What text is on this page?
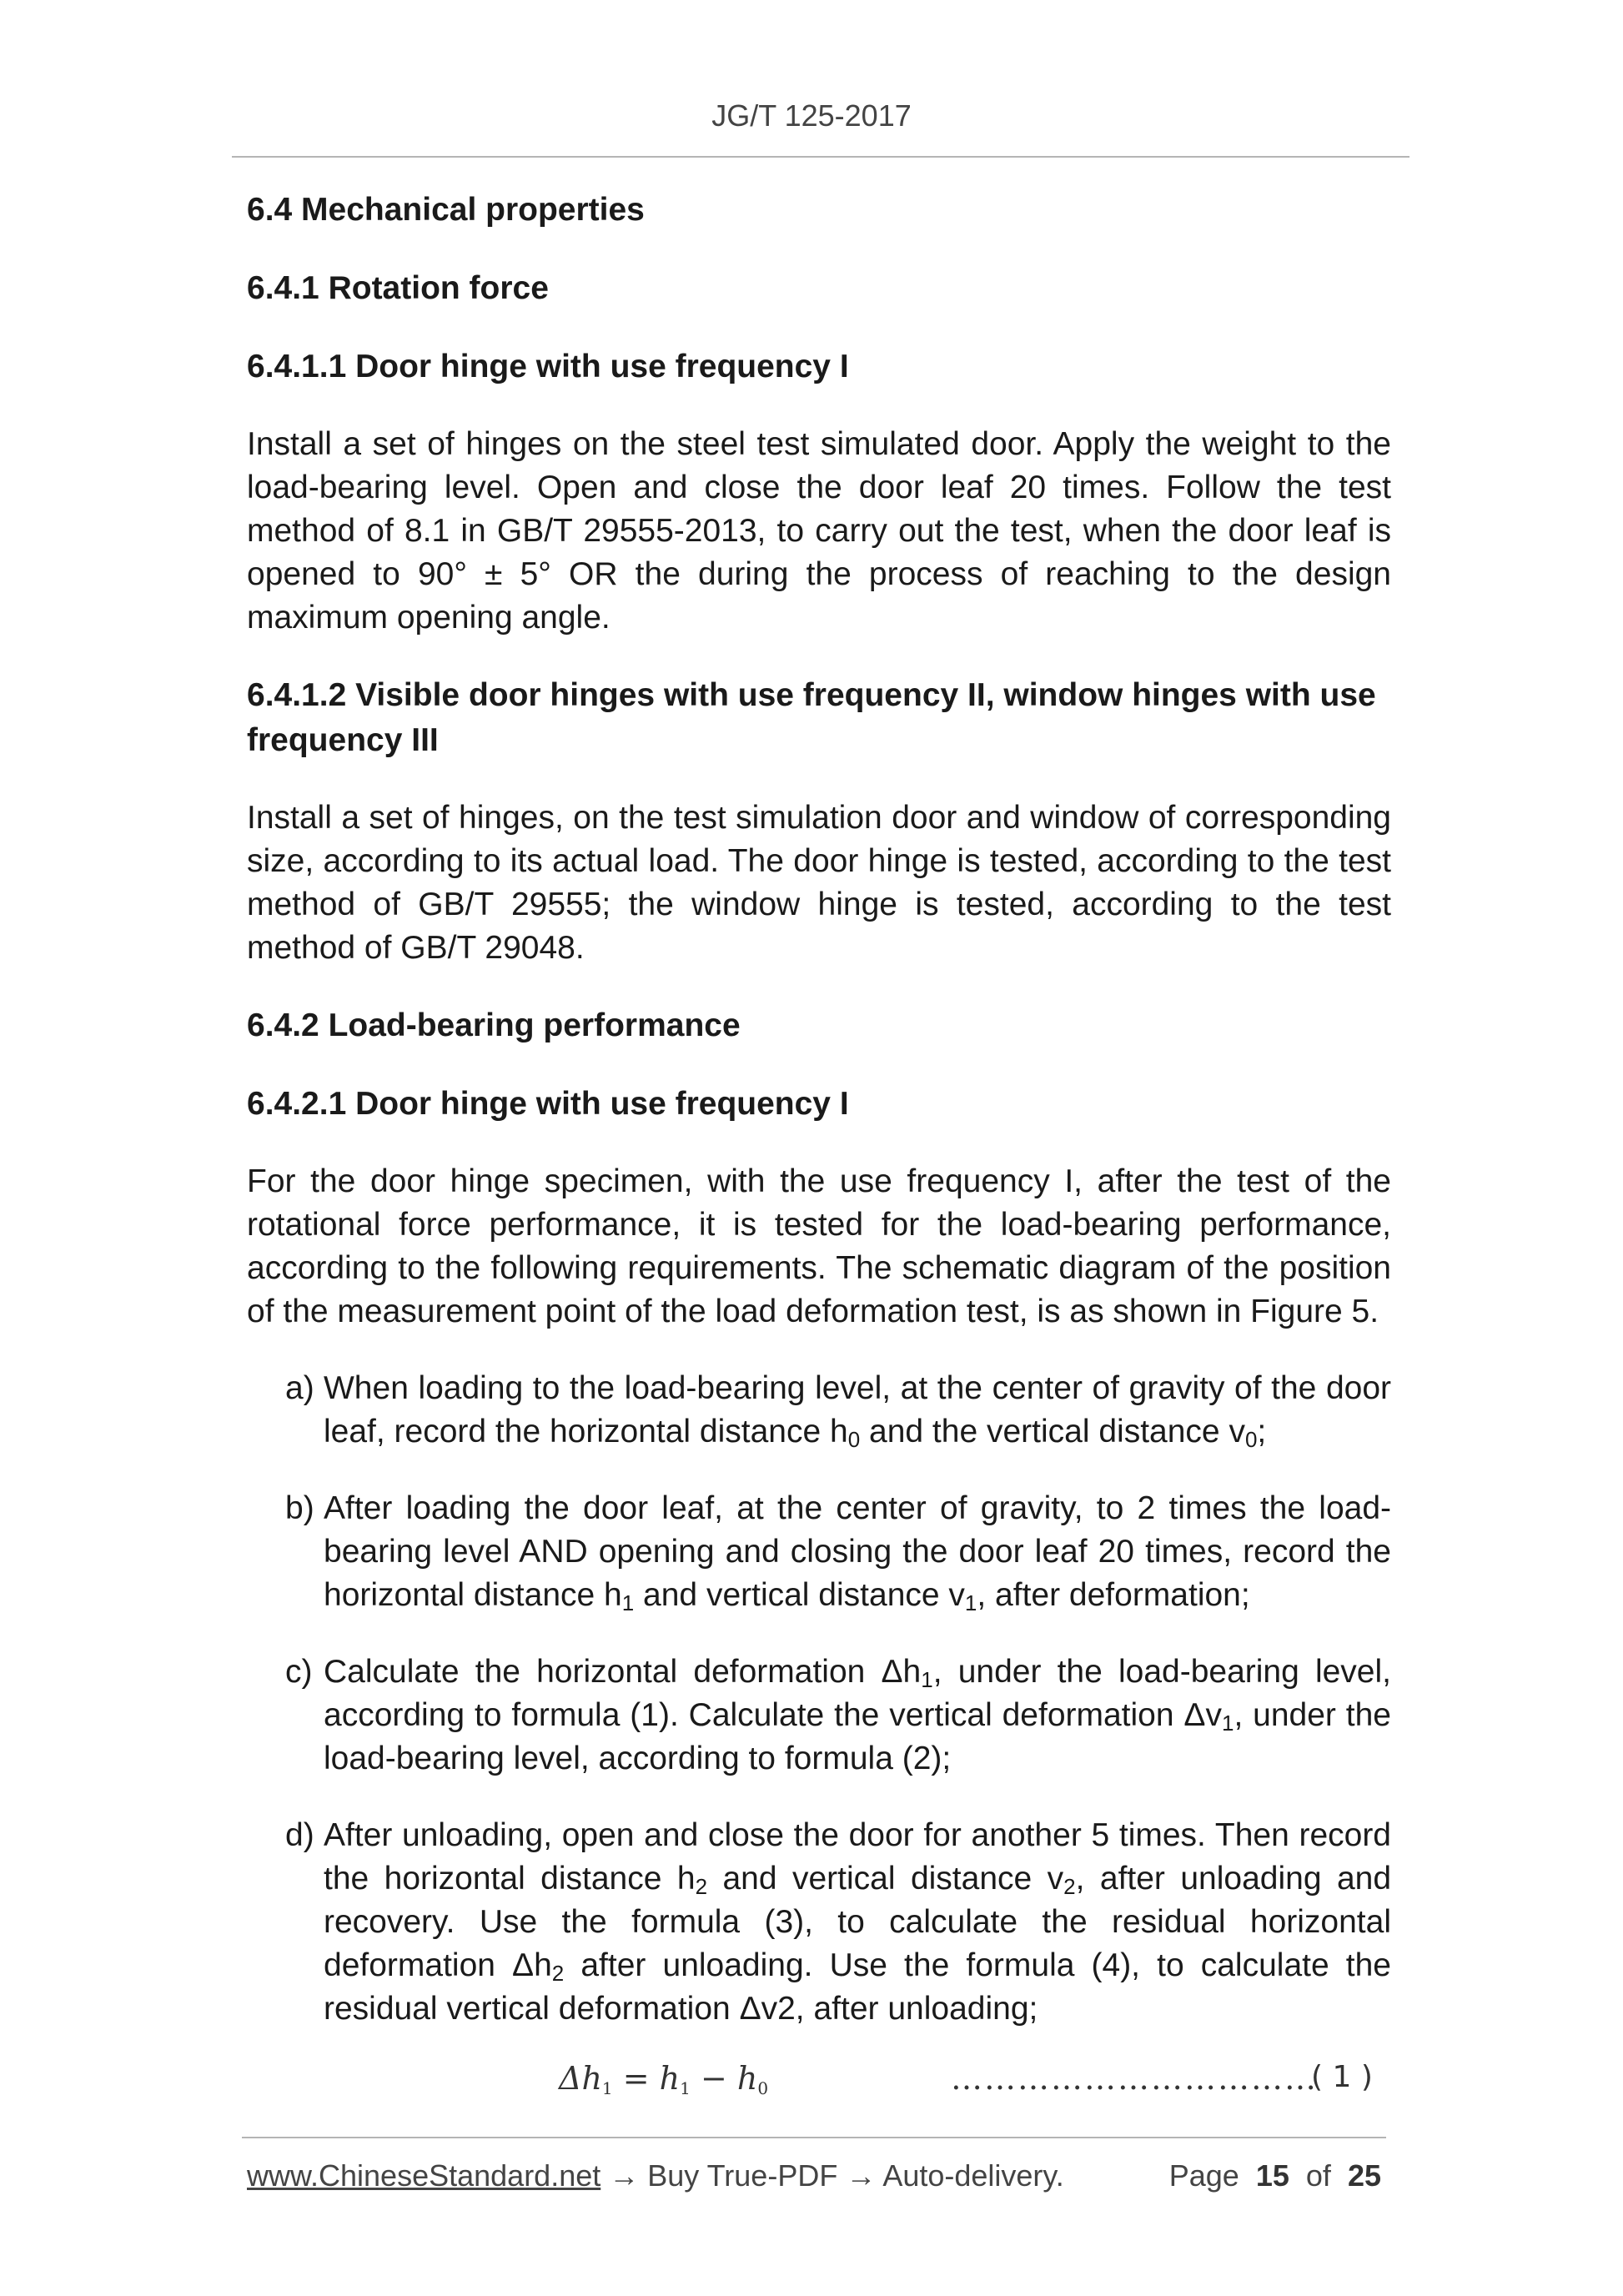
JG/T 125-2017
6.4 Mechanical properties
6.4.1 Rotation force
6.4.1.1 Door hinge with use frequency I

Install a set of hinges on the steel test simulated door. Apply the weight to the load-bearing level. Open and close the door leaf 20 times. Follow the test method of 8.1 in GB/T 29555-2013, to carry out the test, when the door leaf is opened to 90° ± 5° OR the during the process of reaching to the design maximum opening angle.

6.4.1.2 Visible door hinges with use frequency II, window hinges with use frequency III

Install a set of hinges, on the test simulation door and window of corresponding size, according to its actual load. The door hinge is tested, according to the test method of GB/T 29555; the window hinge is tested, according to the test method of GB/T 29048.

6.4.2 Load-bearing performance
6.4.2.1 Door hinge with use frequency I

For the door hinge specimen, with the use frequency I, after the test of the rotational force performance, it is tested for the load-bearing performance, according to the following requirements. The schematic diagram of the position of the measurement point of the load deformation test, is as shown in Figure 5.

a) When loading to the load-bearing level, at the center of gravity of the door leaf, record the horizontal distance $h_0$ and the vertical distance $v_0$;
b) After loading the door leaf, at the center of gravity, to 2 times the load-bearing level AND opening and closing the door leaf 20 times, record the horizontal distance $h_1$ and vertical distance $v_1$, after deformation;
c) Calculate the horizontal deformation $\Delta h_1$, under the load-bearing level, according to formula (1). Calculate the vertical deformation $\Delta v_1$, under the load-bearing level, according to formula (2);
d) After unloading, open and close the door for another 5 times. Then record the horizontal distance $h_2$ and vertical distance $v_2$, after unloading and recovery. Use the formula (3), to calculate the residual horizontal deformation $\Delta h_2$ after unloading. Use the formula (4), to calculate the residual vertical deformation Δv2, after unloading;
$\Delta h_1 = h_1 - h_0$	……………………………
( 1 )
www.ChineseStandard.net → Buy True-PDF → Auto-delivery.	Page 15 of 25
